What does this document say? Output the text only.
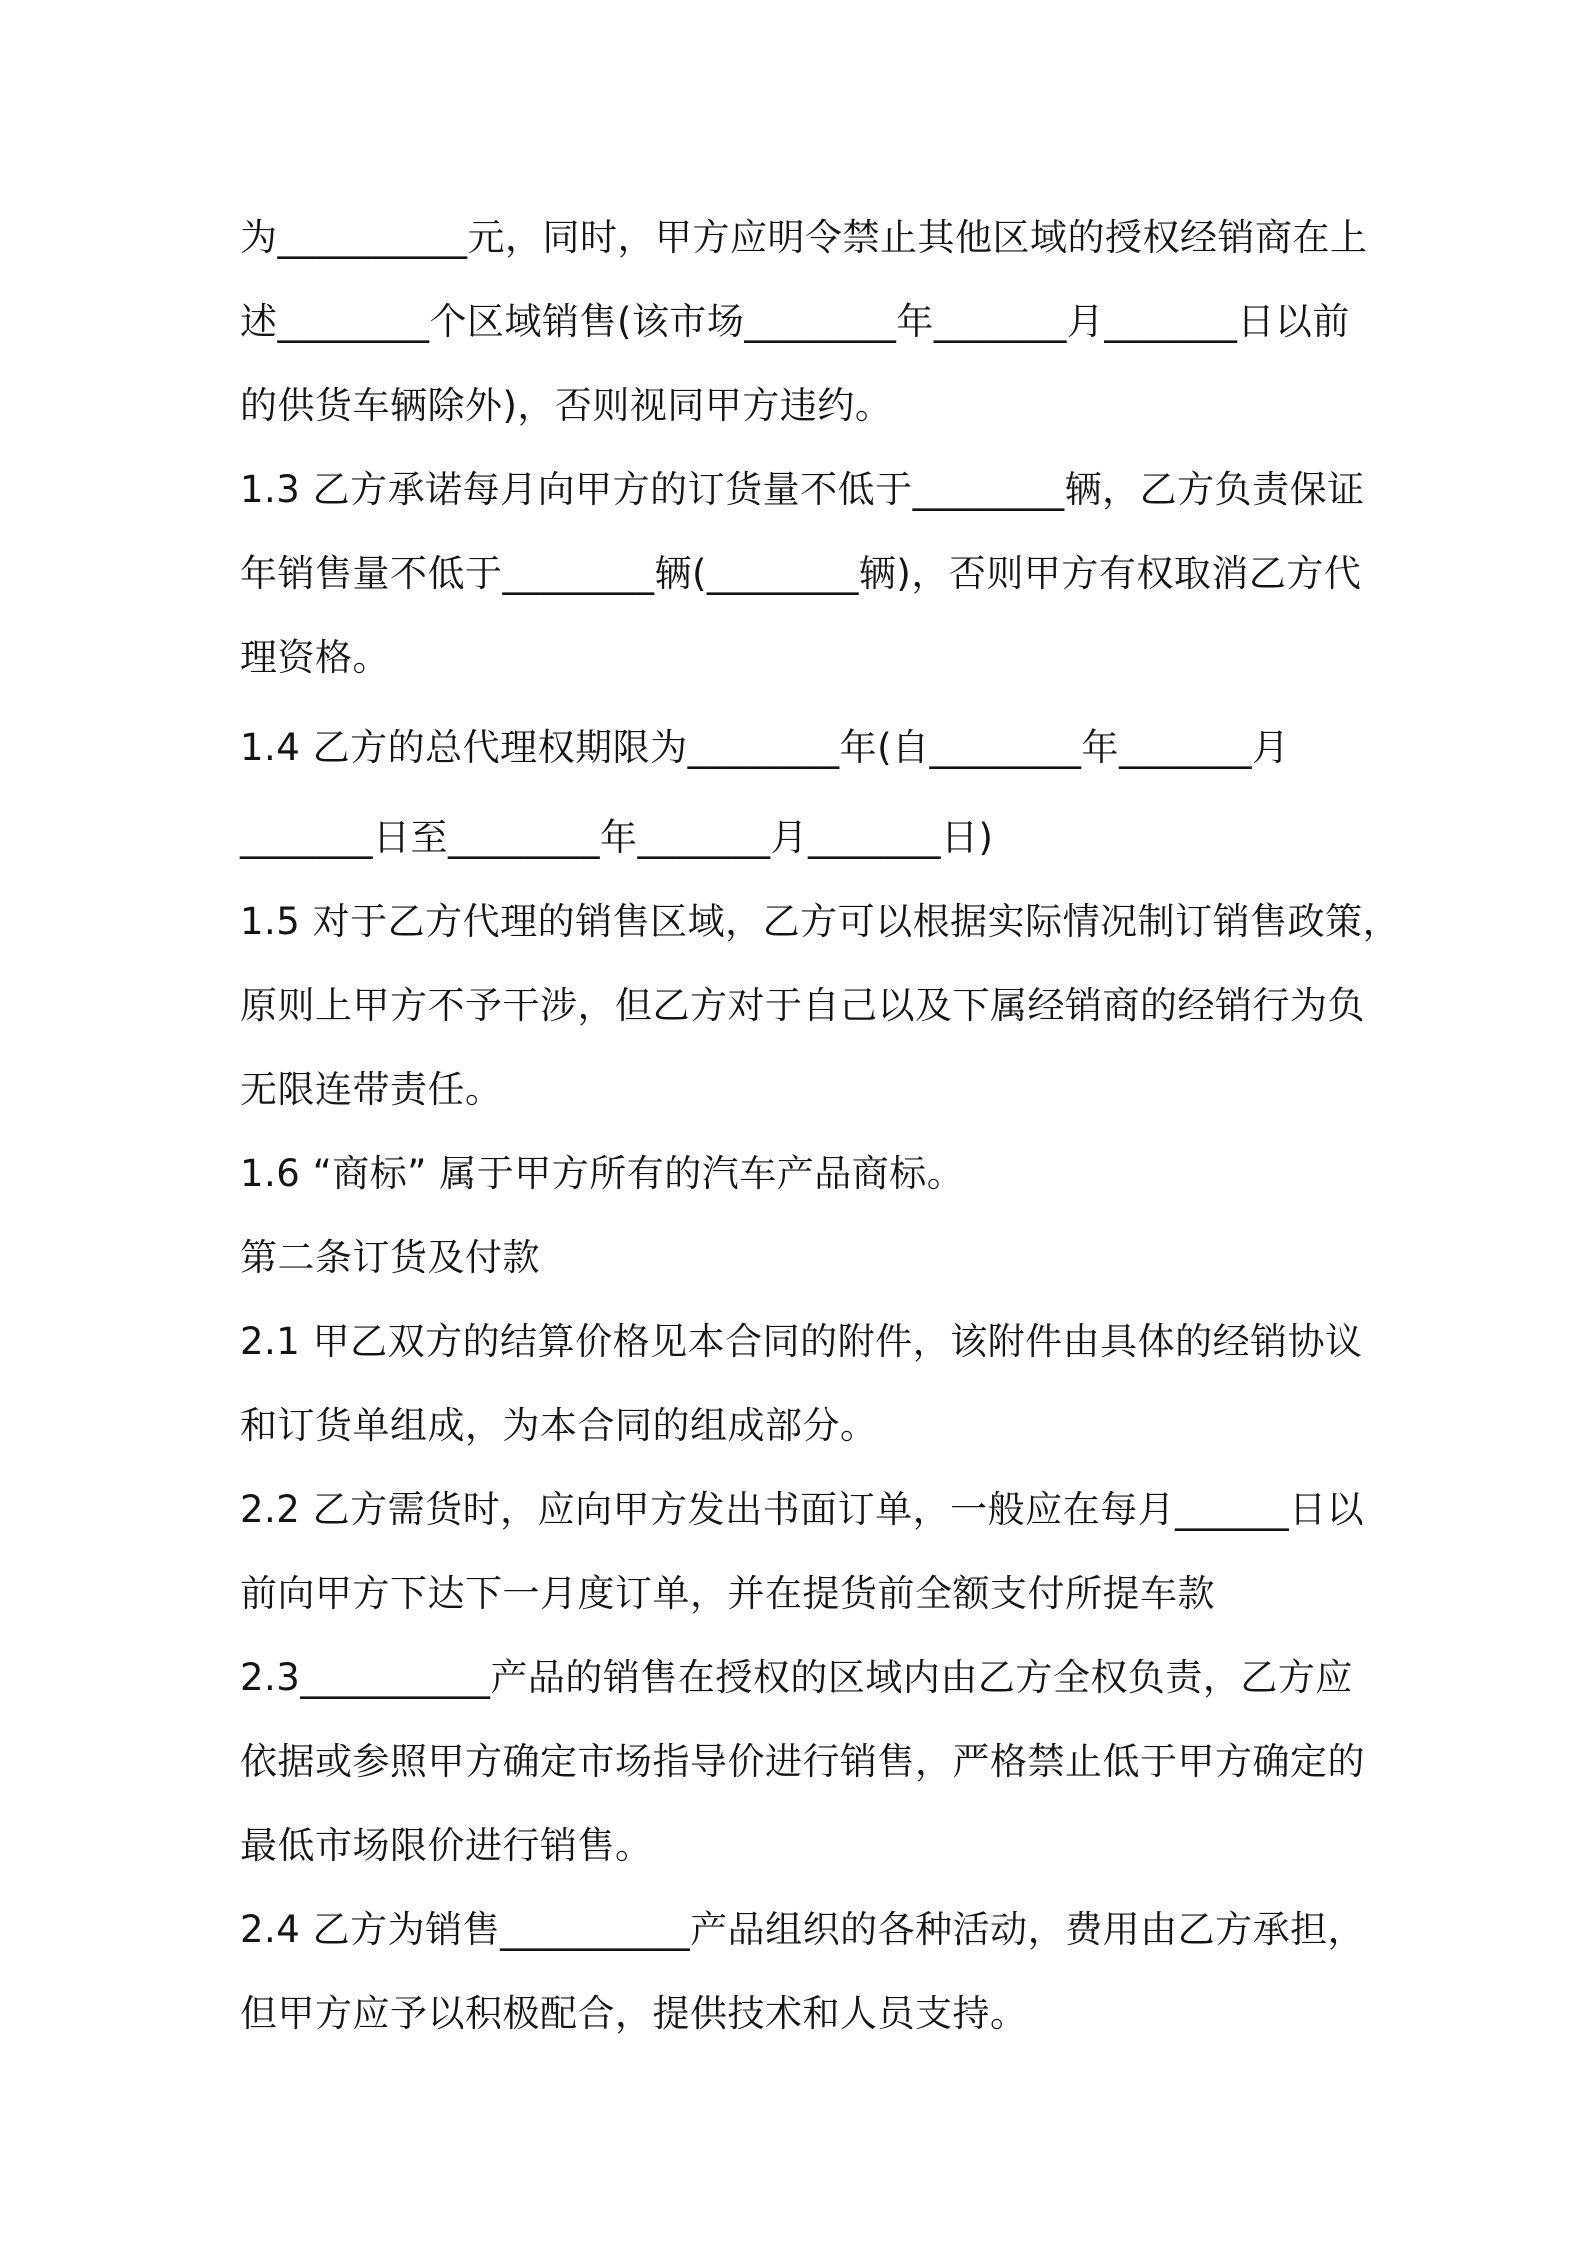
为__________元，同时，甲方应明令禁止其他区域的授权经销商在上
述________个区域销售(该市场________年_______月_______日以前
的供货车辆除外)，否则视同甲方违约。
1.3 乙方承诺每月向甲方的订货量不低于________辆，乙方负责保证
年销售量不低于________辆(________辆)，否则甲方有权取消乙方代
理资格。
1.4 乙方的总代理权期限为________年(自________年_______月
_______日至________年_______月_______日)
1.5 对于乙方代理的销售区域，乙方可以根据实际情况制订销售政策，
原则上甲方不予干涉，但乙方对于自己以及下属经销商的经销行为负
无限连带责任。
1.6 “商标” 属于甲方所有的汽车产品商标。
第二条订货及付款
2.1 甲乙双方的结算价格见本合同的附件，该附件由具体的经销协议
和订货单组成，为本合同的组成部分。
2.2 乙方需货时，应向甲方发出书面订单，一般应在每月______日以
前向甲方下达下一月度订单，并在提货前全额支付所提车款
2.3__________产品的销售在授权的区域内由乙方全权负责，乙方应
依据或参照甲方确定市场指导价进行销售，严格禁止低于甲方确定的
最低市场限价进行销售。
2.4 乙方为销售__________产品组织的各种活动，费用由乙方承担，
但甲方应予以积极配合，提供技术和人员支持。
